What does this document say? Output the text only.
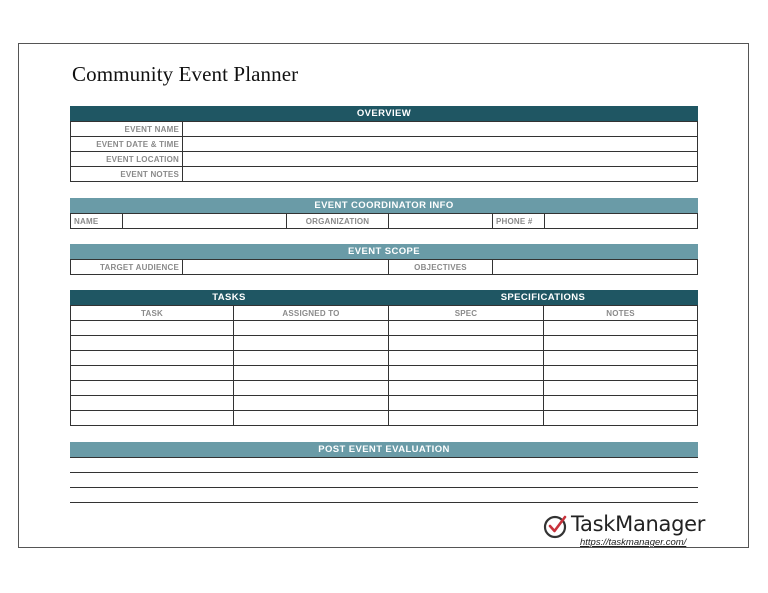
Community Event Planner
OVERVIEW
EVENT NAME	
EVENT DATE & TIME	
EVENT LOCATION	
EVENT NOTES	
EVENT COORDINATOR INFO
NAME		ORGANIZATION		PHONE #	
EVENT SCOPE
TARGET AUDIENCE		OBJECTIVES	
TASKS	SPECIFICATIONS
TASK	ASSIGNED TO	SPEC	NOTES

POST EVENT EVALUATION
TaskManager
https://taskmanager.com/
